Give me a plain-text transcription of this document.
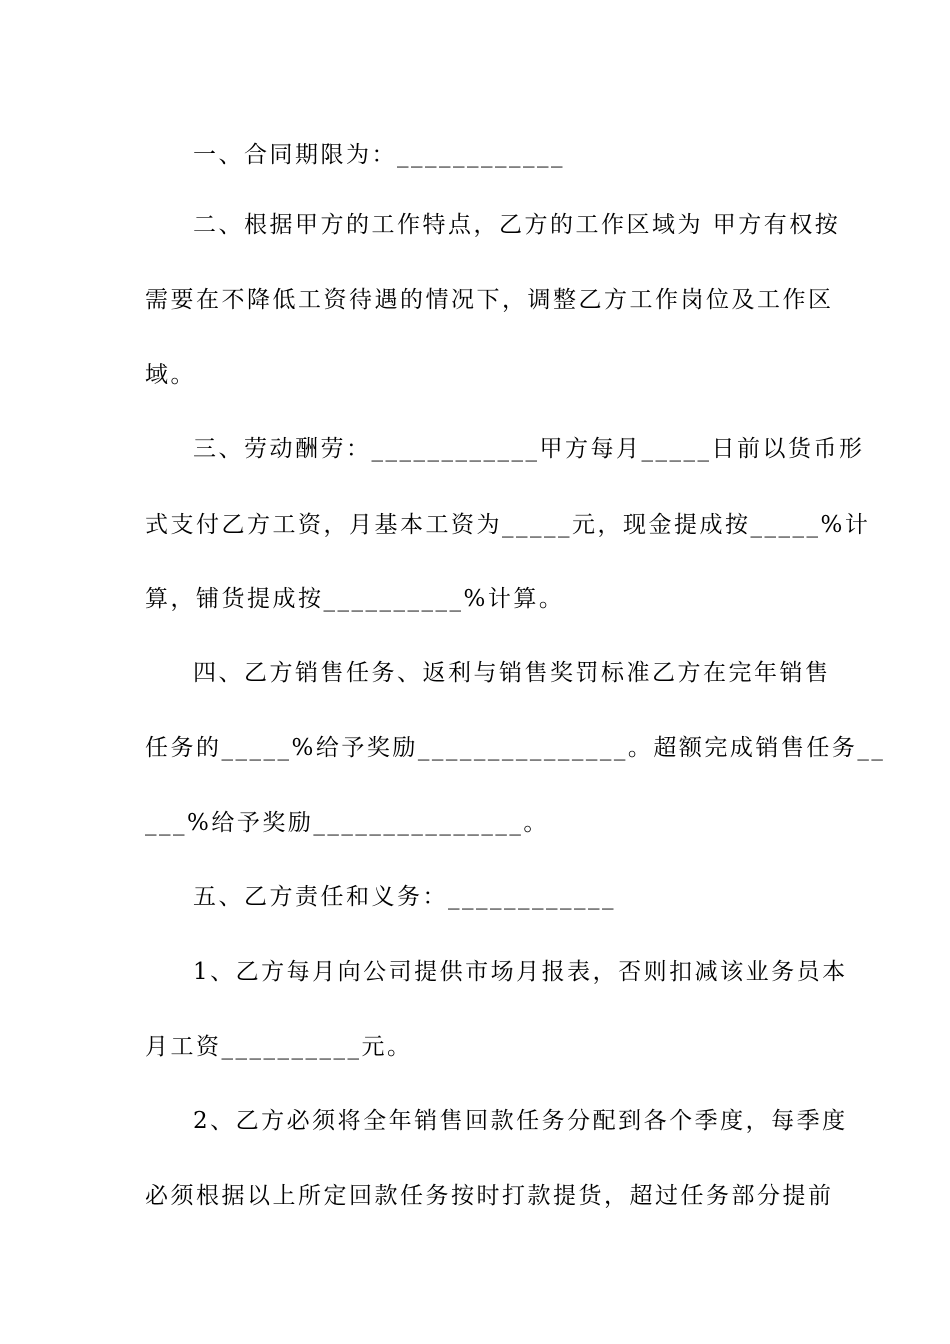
一、合同期限为：____________
二、根据甲方的工作特点，乙方的工作区域为 甲方有权按
需要在不降低工资待遇的情况下，调整乙方工作岗位及工作区
域。
三、劳动酬劳：____________甲方每月_____日前以货币形
式支付乙方工资，月基本工资为_____元，现金提成按_____%计
算，铺货提成按__________%计算。
四、乙方销售任务、返利与销售奖罚标准乙方在完年销售
任务的_____%给予奖励_______________。超额完成销售任务__
___%给予奖励_______________。
五、乙方责任和义务：____________
1、乙方每月向公司提供市场月报表，否则扣减该业务员本
月工资__________元。
2、乙方必须将全年销售回款任务分配到各个季度，每季度
必须根据以上所定回款任务按时打款提货，超过任务部分提前
